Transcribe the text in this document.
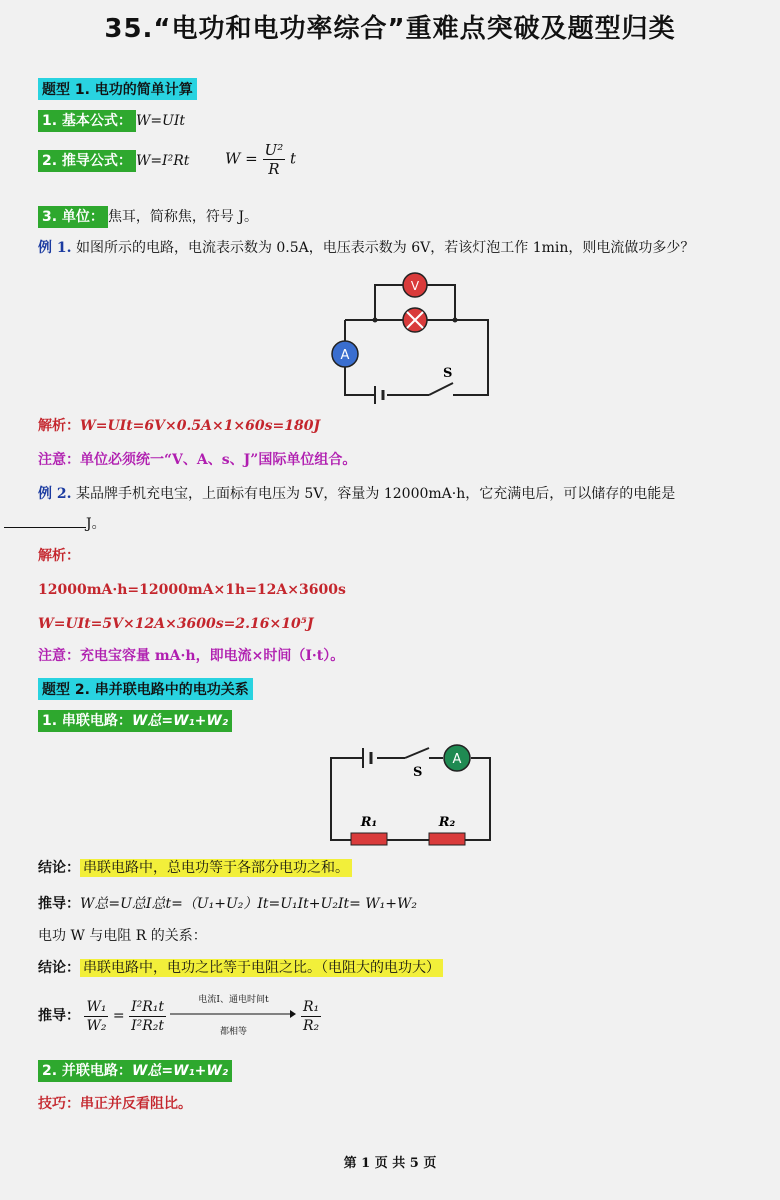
35.“电功和电功率综合”重难点突破及题型归类
题型 1. 电功的简单计算
1. 基本公式： W=UIt
2. 推导公式： W=I²Rt $W = \frac{\text{U²}}{R}$ t
3. 单位： 焦耳，简称焦，符号 J。
例 1. 如图所示的电路，电流表示数为 0.5A，电压表示数为 6V，若该灯泡工作 1min，则电流做功多少？
A
V
S
解析：W=UIt=6V×0.5A×1×60s=180J
注意：单位必须统一“V、A、s、J”国际单位组合。
例 2. 某品牌手机充电宝，上面标有电压为 5V，容量为 12000mA·h，它充满电后，可以储存的电能是
J。
解析：
12000mA·h=12000mA×1h=12A×3600s
W=UIt=5V×12A×3600s=2.16×10⁵J
注意：充电宝容量 mA·h，即电流×时间（I·t）。
题型 2. 串并联电路中的电功关系
1. 串联电路：W总=W₁+W₂
R₁	R₂
A
S
结论： 串联电路中，总电功等于各部分电功之和。
推导：W总=U总I总t=（U₁+U₂）It=U₁It+U₂It= W₁+W₂
电功 W 与电阻 R 的关系：
结论： 串联电路中，电功之比等于电阻之比。（电阻大的电功大）
推导： $\frac{\text{W₁}}{\text{W₂}} = \frac{\text{I²R₁t}}{\text{I²R₂t}}$
	电流I、通电时间t
都相等
	$\frac{\text{R₁}}{\text{R₂}}$
2. 并联电路：W总=W₁+W₂
技巧：串正并反看阻比。
第 1 页 共 5 页
